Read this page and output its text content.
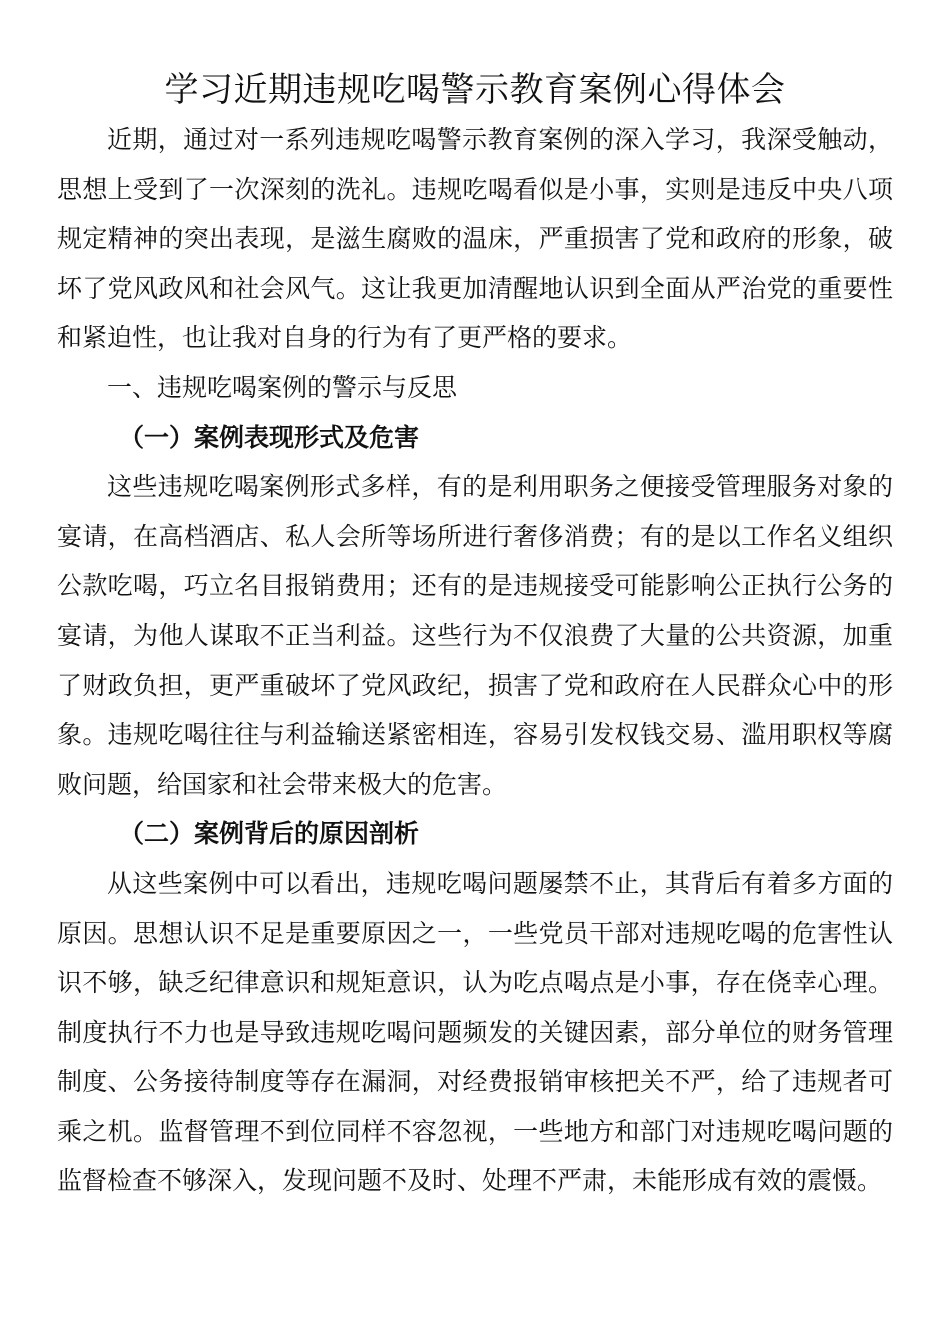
学习近期违规吃喝警示教育案例心得体会

近期，通过对一系列违规吃喝警示教育案例的深入学习，我深受触动，思想上受到了一次深刻的洗礼。违规吃喝看似是小事，实则是违反中央八项规定精神的突出表现，是滋生腐败的温床，严重损害了党和政府的形象，破坏了党风政风和社会风气。这让我更加清醒地认识到全面从严治党的重要性和紧迫性，也让我对自身的行为有了更严格的要求。

一、违规吃喝案例的警示与反思

（一）案例表现形式及危害

这些违规吃喝案例形式多样，有的是利用职务之便接受管理服务对象的宴请，在高档酒店、私人会所等场所进行奢侈消费；有的是以工作名义组织公款吃喝，巧立名目报销费用；还有的是违规接受可能影响公正执行公务的宴请，为他人谋取不正当利益。这些行为不仅浪费了大量的公共资源，加重了财政负担，更严重破坏了党风政纪，损害了党和政府在人民群众心中的形象。违规吃喝往往与利益输送紧密相连，容易引发权钱交易、滥用职权等腐败问题，给国家和社会带来极大的危害。

（二）案例背后的原因剖析

从这些案例中可以看出，违规吃喝问题屡禁不止，其背后有着多方面的原因。思想认识不足是重要原因之一，一些党员干部对违规吃喝的危害性认识不够，缺乏纪律意识和规矩意识，认为吃点喝点是小事，存在侥幸心理。制度执行不力也是导致违规吃喝问题频发的关键因素，部分单位的财务管理制度、公务接待制度等存在漏洞，对经费报销审核把关不严，给了违规者可乘之机。监督管理不到位同样不容忽视，一些地方和部门对违规吃喝问题的监督检查不够深入，发现问题不及时、处理不严肃，未能形成有效的震慑。
